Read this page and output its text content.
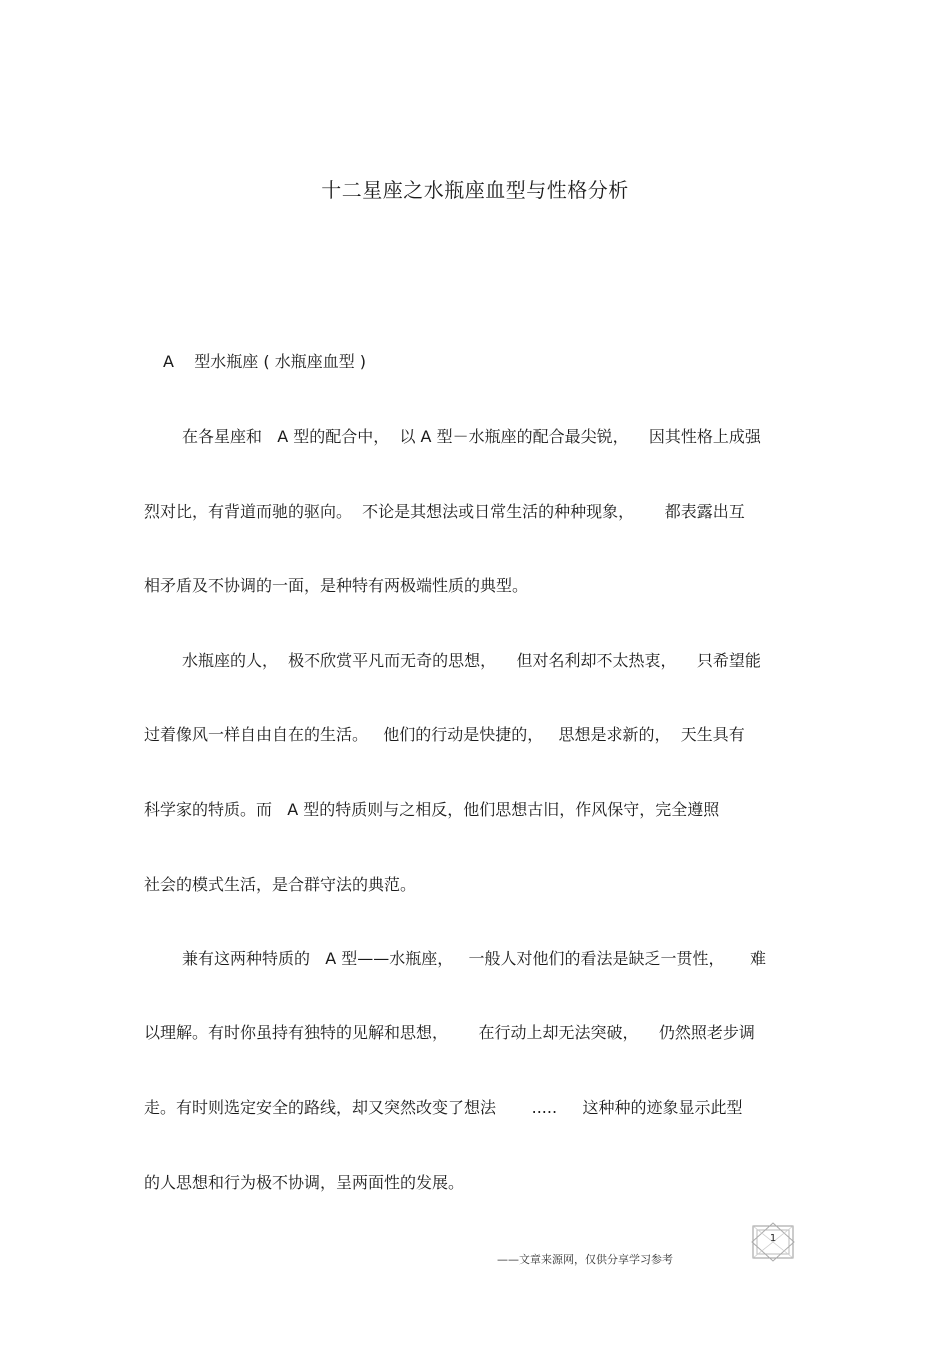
十二星座之水瓶座血型与性格分析
A    型水瓶座 ( 水瓶座血型 )
在各星座和   A 型的配合中，  以 A 型－水瓶座的配合最尖锐，    因其性格上成强
烈对比，有背道而驰的驱向。  不论是其想法或日常生活的种种现象，      都表露出互
相矛盾及不协调的一面，是种特有两极端性质的典型。
水瓶座的人，  极不欣赏平凡而无奇的思想，    但对名利却不太热衷，    只希望能
过着像风一样自由自在的生活。   他们的行动是快捷的，   思想是求新的，  天生具有
科学家的特质。而   A 型的特质则与之相反，他们思想古旧，作风保守，完全遵照
社会的模式生活，是合群守法的典范。
兼有这两种特质的   A 型——水瓶座，   一般人对他们的看法是缺乏一贯性，     难
以理解。有时你虽持有独特的见解和思想，      在行动上却无法突破，    仍然照老步调
走。有时则选定安全的路线，却又突然改变了想法       .....     这种种的迹象显示此型
的人思想和行为极不协调，呈两面性的发展。
——文章来源网，仅供分享学习参考
1
